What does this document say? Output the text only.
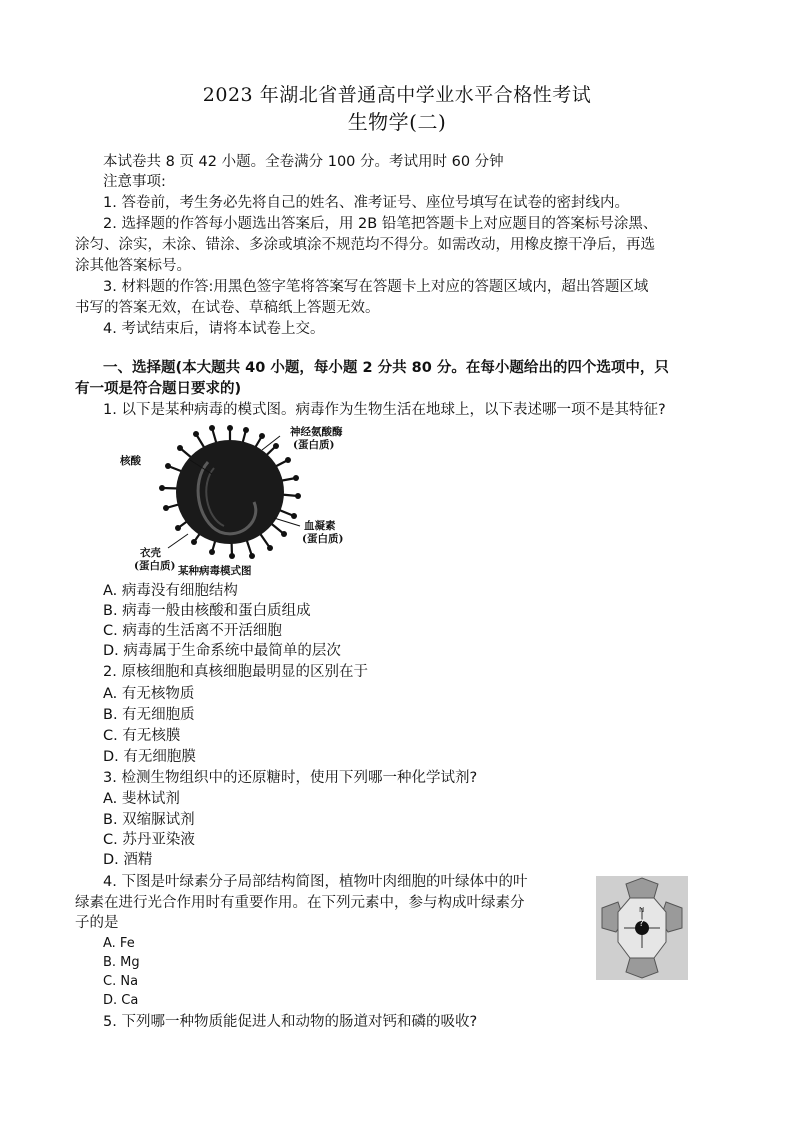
2023 年湖北省普通高中学业水平合格性考试
生物学(二)
本试卷共 8 页 42 小题。全卷满分 100 分。考试用时 60 分钟
注意事项:
1. 答卷前，考生务必先将自己的姓名、准考证号、座位号填写在试卷的密封线内。
2. 选择题的作答每小题选出答案后，用 2B 铅笔把答题卡上对应题目的答案标号涂黑、
涂匀、涂实，未涂、错涂、多涂或填涂不规范均不得分。如需改动，用橡皮擦干净后，再选
涂其他答案标号。
3. 材料题的作答:用黑色签字笔将答案写在答题卡上对应的答题区域内，超出答题区域
书写的答案无效，在试卷、草稿纸上答题无效。
4. 考试结束后，请将本试卷上交。
一、选择题(本大题共 40 小题，每小题 2 分共 80 分。在每小题给出的四个选项中，只
有一项是符合题日要求的)
1. 以下是某种病毒的模式图。病毒作为生物生活在地球上，以下表述哪一项不是其特征?
核酸
神经氨酸酶
(蛋白质)
血凝素
(蛋白质)
衣壳
(蛋白质) 某种病毒模式图
A. 病毒没有细胞结构
B. 病毒一般由核酸和蛋白质组成
C. 病毒的生活离不开活细胞
D. 病毒属于生命系统中最简单的层次
2. 原核细胞和真核细胞最明显的区别在于
A. 有无核物质
B. 有无细胞质
C. 有无核膜
D. 有无细胞膜
3. 检测生物组织中的还原糖时，使用下列哪一种化学试剂?
A. 斐林试剂
B. 双缩脲试剂
C. 苏丹亚染液
D. 酒精
4. 下图是叶绿素分子局部结构简图，植物叶肉细胞的叶绿体中的叶
绿素在进行光合作用时有重要作用。在下列元素中，参与构成叶绿素分
子的是
A. Fe
B. Mg
C. Na
D. Ca
?
N
5. 下列哪一种物质能促进人和动物的肠道对钙和磷的吸收?
